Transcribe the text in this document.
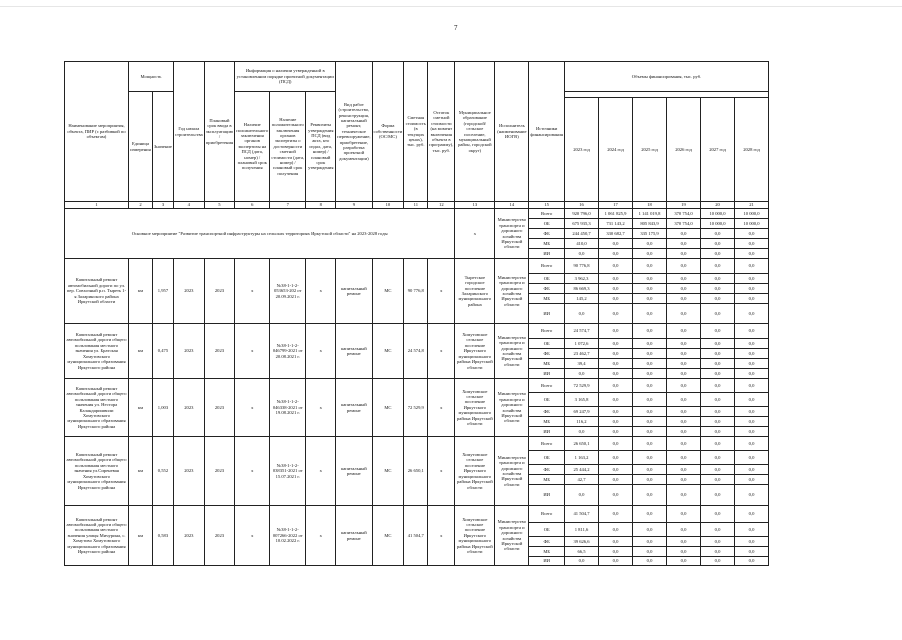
7
Наименование мероприятия, объекта, ПИР (с разбивкой по объектам)	Мощность		Год начала строительства	Плановый срок ввода в эксплуатацию / приобретения	Информация о наличии утвержденной в установленном порядке проектной документации (ПСД)			Вид работ (строительство, реконструкция, капитальный ремонт, техническое перевооружение, приобретение, разработка проектной документации)	Форма собственности (ОС/МС)	Сметная стоимость (в текущих ценах), тыс. руб.	Остаток сметной стоимости (на момент включения объекта в программу), тыс. руб.	Муниципальное образование (городской/сельское поселение, муниципальный район, городской округ)	Исполнитель (наименование ИОГВ)	Источники финансирования	Объемы финансирования, тыс. руб.					
	Единица измерения	Значение			Наличие положительного заключения органов экспертизы на ПСД (дата, номер) / плановый срок получения	Наличие положительного заключения органов экспертизы о достоверности сметной стоимости (дата, номер) / плановый срок получения	Реквизиты утверждения ПСД (вид акта, кто издал, дата, номер) / плановый срок утверждения													
															2023 год	2024 год	2025 год	2026 год	2027 год	2028 год
1	2	3	4	5	6	7	8	9	10	11	12	13	14	15	16	17	18	19	20	21
Основное мероприятие "Развитие транспортной инфраструктуры на сельских территориях Иркутской области" на 2023-2028 годы												х	Министерство транспорта и дорожного хозяйства Иркутской области	Всего	920 796,0	1 061 825,9	1 141 019,8	370 754,0	10 000,0	10 000,0
														ОБ	675 935,3	731 143,2	805 843,9	370 754,0	10 000,0	10 000,0
														ФБ	244 450,7	330 682,7	335 175,9	0,0	0,0	0,0
														МБ	410,0	0,0	0,0	0,0	0,0	0,0
														ИИ	0,0	0,0	0,0	0,0	0,0	0,0
Капитальный ремонт автомобильной дороги по ул. пер. Совхозный р.п. Тыреть 1-я Заларинского района Иркутской области	км	1,957	2023	2023	х	№38-1-1-2-053653-202 от 20.09.2021 г.	х	капитальный ремонт	МС	90 776,8	х	Тыретское городское поселение Заларинского муниципального района	Министерство транспорта и дорожного хозяйства Иркутской области	Всего	90 776,8	0,0	0,0	0,0	0,0	0,0
														ОБ	3 962,3	0,0	0,0	0,0	0,0	0,0
														ФБ	86 669,3	0,0	0,0	0,0	0,0	0,0
														МБ	145,2	0,0	0,0	0,0	0,0	0,0
														ИИ	0,0	0,0	0,0	0,0	0,0	0,0
Капитальный ремонт автомобильной дороги общего пользования местного значения ул. Братская Хомутовского муниципального образования Иркутского района	км	0,475	2023	2023	х	№38-1-1-2-046799-2021 от 20.08.2021 г.	х	капитальный ремонт	МС	24 574,8	х	Хомутовское сельское поселение Иркутского муниципального района Иркутской области	Министерство транспорта и дорожного хозяйства Иркутской области	Всего	24 574,7	0,0	0,0	0,0	0,0	0,0
														ОБ	1 072,6	0,0	0,0	0,0	0,0	0,0
														ФБ	23 462,7	0,0	0,0	0,0	0,0	0,0
														МБ	39,4	0,0	0,0	0,0	0,0	0,0
														ИИ	0,0	0,0	0,0	0,0	0,0	0,0
Капитальный ремонт автомобильной дороги общего пользования местного значения ул. Нестора Каландаришвили Хомутовского муниципального образования Иркутского района	км	1,003	2023	2023	х	№38-1-1-2-046338-2021 от 19.08.2021 г.	х	капитальный ремонт	МС	72 529,9	х	Хомутовское сельское поселение Иркутского муниципального района Иркутской области	Министерство транспорта и дорожного хозяйства Иркутской области	Всего	72 529,9	0,0	0,0	0,0	0,0	0,0
														ОБ	3 165,8	0,0	0,0	0,0	0,0	0,0
														ФБ	69 247,9	0,0	0,0	0,0	0,0	0,0
														МБ	116,2	0,0	0,0	0,0	0,0	0,0
														ИИ	0,0	0,0	0,0	0,0	0,0	0,0
Капитальный ремонт автомобильной дороги общего пользования местного значения ул.Сиреневая Хомутовского муниципального образования Иркутского района	км	0,552	2023	2023	х	№38-1-1-2-038351-2021 от 15.07.2021 г.	х	капитальный ремонт	МС	26 650,1	х	Хомутовское сельское поселение Иркутского муниципального района Иркутской области	Министерство транспорта и дорожного хозяйства Иркутской области	Всего	26 650,1	0,0	0,0	0,0	0,0	0,0
														ОБ	1 163,2	0,0	0,0	0,0	0,0	0,0
														ФБ	25 444,2	0,0	0,0	0,0	0,0	0,0
														МБ	42,7	0,0	0,0	0,0	0,0	0,0
														ИИ	0,0	0,0	0,0	0,0	0,0	0,0
Капитальный ремонт автомобильной дороги общего пользования местного значения улицы Мичурина, с. Хомутово Хомутовского муниципального образования Иркутского района	км	0,583	2023	2023	х	№38-1-1-2-007266-2022 от 10.02.2022 г.	х	капитальный ремонт	МС	41 504,7	х	Хомутовское сельское поселение Иркутского муниципального района Иркутской области	Министерство транспорта и дорожного хозяйства Иркутской области	Всего	41 504,7	0,0	0,0	0,0	0,0	0,0
														ОБ	1 811,6	0,0	0,0	0,0	0,0	0,0
														ФБ	39 626,6	0,0	0,0	0,0	0,0	0,0
														МБ	66,5	0,0	0,0	0,0	0,0	0,0
														ИИ	0,0	0,0	0,0	0,0	0,0	0,0
